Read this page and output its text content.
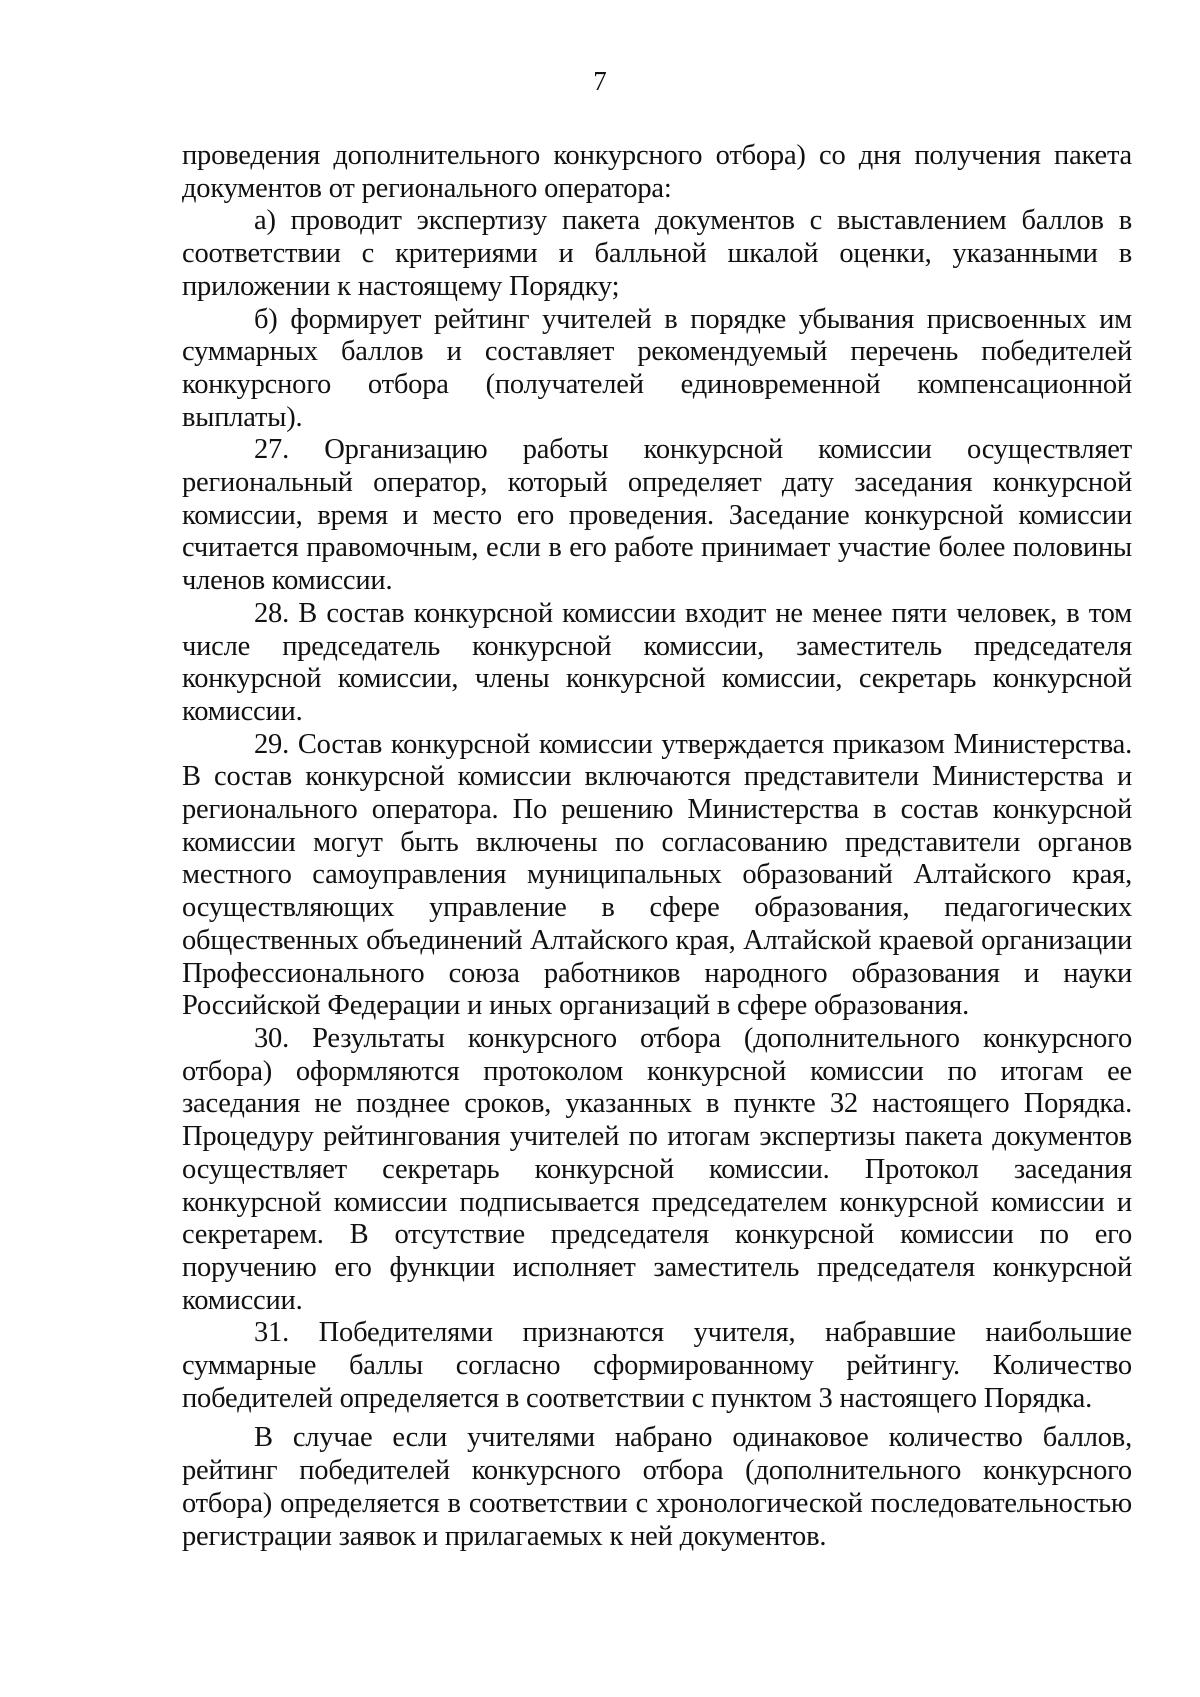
7

проведения дополнительного конкурсного отбора) со дня получения пакета документов от регионального оператора:

а) проводит экспертизу пакета документов с выставлением баллов в соответствии с критериями и балльной шкалой оценки, указанными в приложении к настоящему Порядку;

б) формирует рейтинг учителей в порядке убывания присвоенных им суммарных баллов и составляет рекомендуемый перечень победителей конкурсного отбора (получателей единовременной компенсационной выплаты).

27. Организацию работы конкурсной комиссии осуществляет региональный оператор, который определяет дату заседания конкурсной комиссии, время и место его проведения. Заседание конкурсной комиссии считается правомочным, если в его работе принимает участие более половины членов комиссии.

28. В состав конкурсной комиссии входит не менее пяти человек, в том числе председатель конкурсной комиссии, заместитель председателя конкурсной комиссии, члены конкурсной комиссии, секретарь конкурсной комиссии.

29. Состав конкурсной комиссии утверждается приказом Министерства. В состав конкурсной комиссии включаются представители Министерства и регионального оператора. По решению Министерства в состав конкурсной комиссии могут быть включены по согласованию представители органов местного самоуправления муниципальных образований Алтайского края, осуществляющих управление в сфере образования, педагогических общественных объединений Алтайского края, Алтайской краевой организации Профессионального союза работников народного образования и науки Российской Федерации и иных организаций в сфере образования.

30. Результаты конкурсного отбора (дополнительного конкурсного отбора) оформляются протоколом конкурсной комиссии по итогам ее заседания не позднее сроков, указанных в пункте 32 настоящего Порядка. Процедуру рейтингования учителей по итогам экспертизы пакета документов осуществляет секретарь конкурсной комиссии. Протокол заседания конкурсной комиссии подписывается председателем конкурсной комиссии и секретарем. В отсутствие председателя конкурсной комиссии по его поручению его функции исполняет заместитель председателя конкурсной комиссии.

31. Победителями признаются учителя, набравшие наибольшие суммарные баллы согласно сформированному рейтингу. Количество победителей определяется в соответствии с пунктом 3 настоящего Порядка.

В случае если учителями набрано одинаковое количество баллов, рейтинг победителей конкурсного отбора (дополнительного конкурсного отбора) определяется в соответствии с хронологической последовательностью регистрации заявок и прилагаемых к ней документов.
